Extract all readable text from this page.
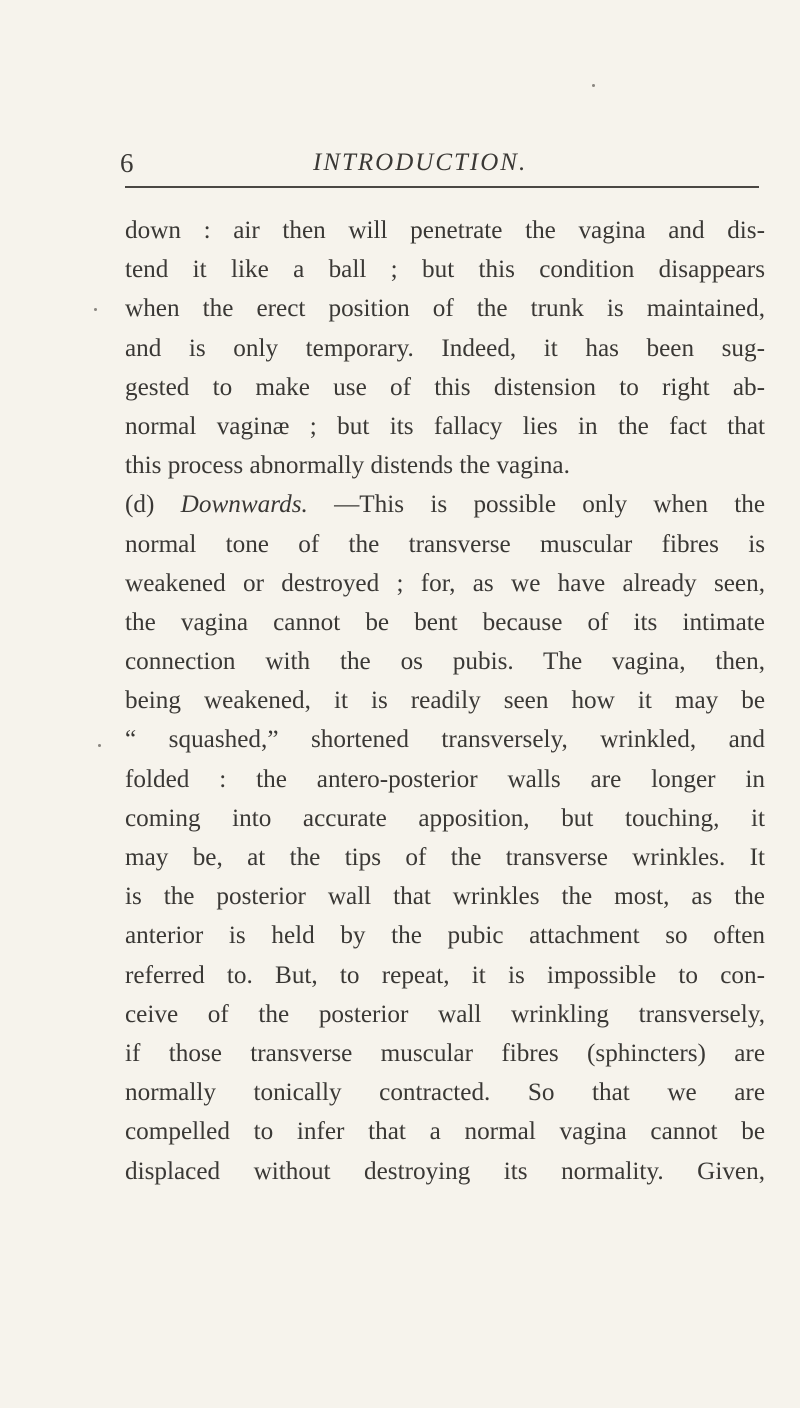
6	INTRODUCTION.
down : air then will penetrate the vagina and dis-
tend it like a ball ; but this condition disappears
when the erect position of the trunk is maintained,
and is only temporary. Indeed, it has been sug-
gested to make use of this distension to right ab-
normal vaginæ ; but its fallacy lies in the fact that
this process abnormally distends the vagina.
(d) Downwards. —This is possible only when the
normal tone of the transverse muscular fibres is
weakened or destroyed ; for, as we have already seen,
the vagina cannot be bent because of its intimate
connection with the os pubis. The vagina, then,
being weakened, it is readily seen how it may be
“ squashed,” shortened transversely, wrinkled, and
folded : the antero-posterior walls are longer in
coming into accurate apposition, but touching, it
may be, at the tips of the transverse wrinkles. It
is the posterior wall that wrinkles the most, as the
anterior is held by the pubic attachment so often
referred to. But, to repeat, it is impossible to con-
ceive of the posterior wall wrinkling transversely,
if those transverse muscular fibres (sphincters) are
normally tonically contracted. So that we are
compelled to infer that a normal vagina cannot be
displaced without destroying its normality. Given,
